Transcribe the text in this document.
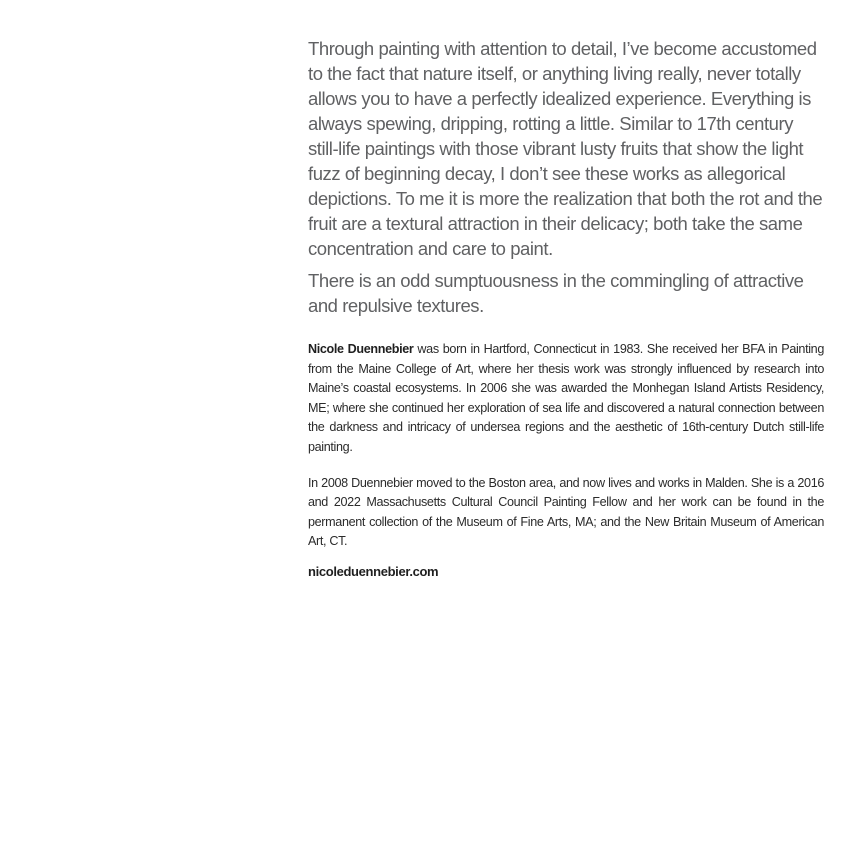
Through painting with attention to detail, I’ve become accustomed to the fact that nature itself, or anything living really, never totally allows you to have a perfectly idealized experience. Everything is always spewing, dripping, rotting a little. Similar to 17th century still-life paintings with those vibrant lusty fruits that show the light fuzz of beginning decay, I don’t see these works as allegorical depictions. To me it is more the realization that both the rot and the fruit are a textural attraction in their delicacy; both take the same concentration and care to paint.

There is an odd sumptuousness in the commingling of attractive and repulsive textures.

Nicole Duennebier was born in Hartford, Connecticut in 1983. She received her BFA in Painting from the Maine College of Art, where her thesis work was strongly influenced by research into Maine’s coastal ecosystems. In 2006 she was awarded the Monhegan Island Artists Residency, ME; where she continued her exploration of sea life and discovered a natural connection between the darkness and intricacy of undersea regions and the aesthetic of 16th-century Dutch still-life painting.

In 2008 Duennebier moved to the Boston area, and now lives and works in Malden. She is a 2016 and 2022 Massachusetts Cultural Council Painting Fellow and her work can be found in the permanent collection of the Museum of Fine Arts, MA; and the New Britain Museum of American Art, CT.

nicoleduennebier.com
